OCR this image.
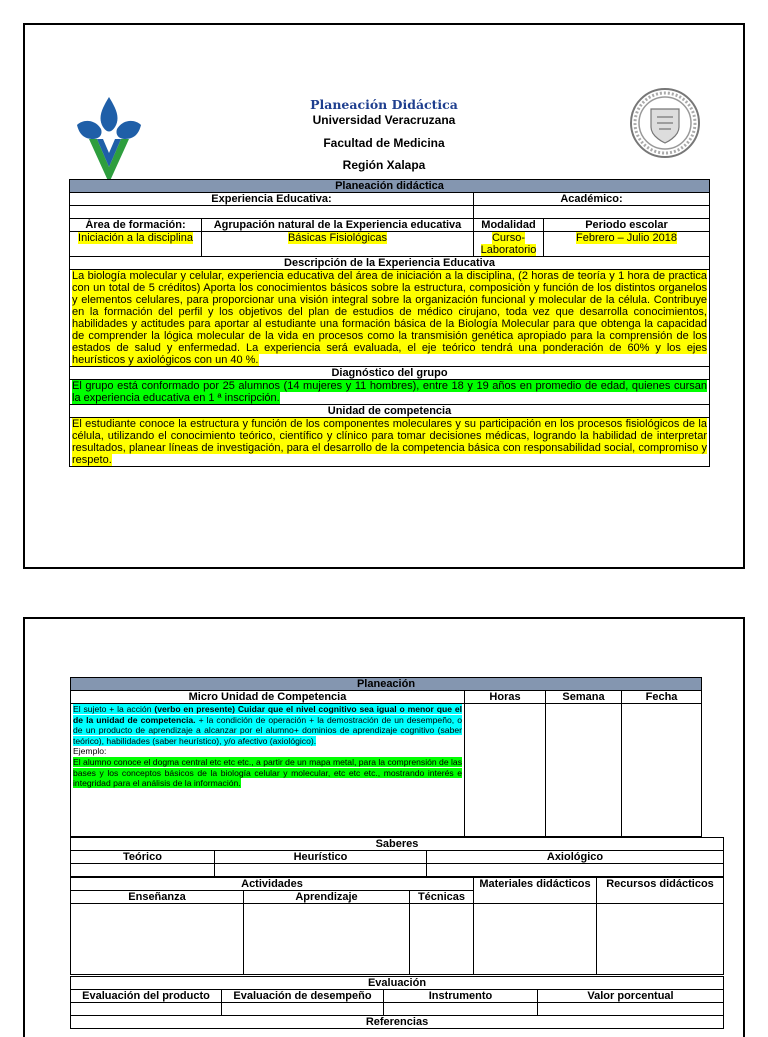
Planeación Didáctica
Universidad Veracruzana
Facultad de Medicina
Región Xalapa
Planeación didáctica			
Experiencia Educativa:		Académico:	

Área de formación:	Agrupación natural de la Experiencia educativa	Modalidad	Periodo escolar
Iniciación a la disciplina	Básicas Fisiológicas	Curso-Laboratorio	Febrero – Julio 2018
Descripción de la Experiencia Educativa			
La biología molecular y celular, experiencia educativa del área de iniciación a la disciplina, (2 horas de teoría y 1 hora de practica con un total de 5 créditos) Aporta los conocimientos básicos sobre la estructura, composición y función de los distintos organelos y elementos celulares, para proporcionar una visión integral sobre la organización funcional y molecular de la célula. Contribuye en la formación del perfil y los objetivos del plan de estudios de médico cirujano, toda vez que desarrolla conocimientos, habilidades y actitudes para aportar al estudiante una formación básica de la Biología Molecular para que obtenga la capacidad de comprender la lógica molecular de la vida en procesos como la transmisión genética apropiado para la comprensión de los estados de salud y enfermedad. La experiencia será evaluada, el eje teórico tendrá una ponderación de 60% y los ejes heurísticos y axiológicos con un 40 %.			
Diagnóstico del grupo			
El grupo está conformado por 25 alumnos (14 mujeres y 11 hombres), entre 18 y 19 años en promedio de edad, quienes cursan la experiencia educativa en 1 ª inscripción.			
Unidad de competencia			
El estudiante conoce la estructura y función de los componentes moleculares y su participación en los procesos fisiológicos de la célula, utilizando el conocimiento teórico, científico y clínico para tomar decisiones médicas, logrando la habilidad de interpretar resultados, planear líneas de investigación, para el desarrollo de la competencia básica con responsabilidad social, compromiso y respeto.			
Planeación			
Micro Unidad de Competencia	Horas	Semana	Fecha
El sujeto + la acción (verbo en presente) Cuidar que el nivel cognitivo sea igual o menor que el de la unidad de competencia. + la condición de operación + la demostración de un desempeño, o de un producto de aprendizaje a alcanzar por el alumno+ dominios de aprendizaje cognitivo (saber teórico), habilidades (saber heurístico), y/o afectivo (axiológico).
Ejemplo:
El alumno conoce el dogma central etc etc etc., a partir de un mapa metal, para la comprensión de las bases y los conceptos básicos de la biología celular y molecular, etc etc etc., mostrando interés e integridad para el análisis de la información.			
Saberes		
Teórico	Heurístico	Axiológico

Actividades			Materiales didácticos	Recursos didácticos
Enseñanza	Aprendizaje	Técnicas		

Evaluación			
Evaluación del producto	Evaluación de desempeño	Instrumento	Valor porcentual

Referencias			
